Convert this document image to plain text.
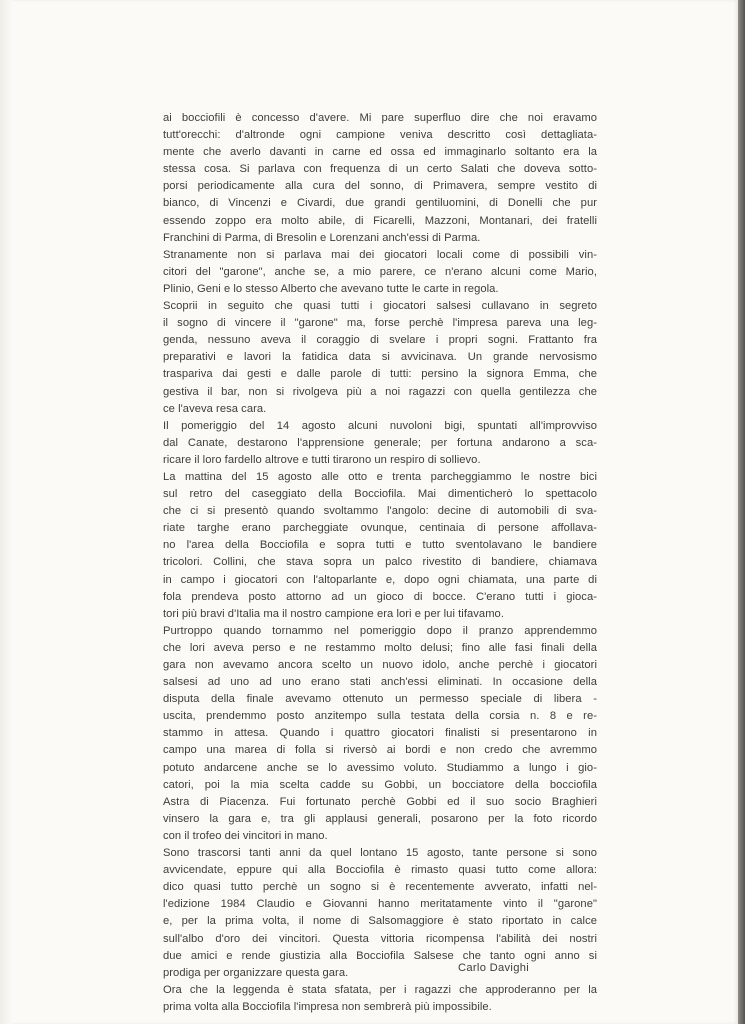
ai bocciofili è concesso d'avere. Mi pare superfluo dire che noi eravamo
tutt'orecchi: d'altronde ogni campione veniva descritto così dettagliata-
mente che averlo davanti in carne ed ossa ed immaginarlo soltanto era la
stessa cosa. Si parlava con frequenza di un certo Salati che doveva sotto-
porsi periodicamente alla cura del sonno, di Primavera, sempre vestito di
bianco, di Vincenzi e Civardi, due grandi gentiluomini, di Donelli che pur
essendo zoppo era molto abile, di Ficarelli, Mazzoni, Montanari, dei fratelli
Franchini di Parma, di Bresolin e Lorenzani anch'essi di Parma.
Stranamente non si parlava mai dei giocatori locali come di possibili vin-
citori del "garone", anche se, a mio parere, ce n'erano alcuni come Mario,
Plinio, Geni e lo stesso Alberto che avevano tutte le carte in regola.
Scoprii in seguito che quasi tutti i giocatori salsesi cullavano in segreto
il sogno di vincere il "garone" ma, forse perchè l'impresa pareva una leg-
genda, nessuno aveva il coraggio di svelare i propri sogni. Frattanto fra
preparativi e lavori la fatidica data si avvicinava. Un grande nervosismo
traspariva dai gesti e dalle parole di tutti: persino la signora Emma, che
gestiva il bar, non si rivolgeva più a noi ragazzi con quella gentilezza che
ce l'aveva resa cara.
Il pomeriggio del 14 agosto alcuni nuvoloni bigi, spuntati all'improvviso
dal Canate, destarono l'apprensione generale; per fortuna andarono a sca-
ricare il loro fardello altrove e tutti tirarono un respiro di sollievo.
La mattina del 15 agosto alle otto e trenta parcheggiammo le nostre bici
sul retro del caseggiato della Bocciofila. Mai dimenticherò lo spettacolo
che ci si presentò quando svoltammo l'angolo: decine di automobili di sva-
riate targhe erano parcheggiate ovunque, centinaia di persone affollava-
no l'area della Bocciofila e sopra tutti e tutto sventolavano le bandiere
tricolori. Collini, che stava sopra un palco rivestito di bandiere, chiamava
in campo i giocatori con l'altoparlante e, dopo ogni chiamata, una parte di
fola prendeva posto attorno ad un gioco di bocce. C'erano tutti i gioca-
tori più bravi d'Italia ma il nostro campione era lori e per lui tifavamo.
Purtroppo quando tornammo nel pomeriggio dopo il pranzo apprendemmo
che lori aveva perso e ne restammo molto delusi; fino alle fasi finali della
gara non avevamo ancora scelto un nuovo idolo, anche perchè i giocatori
salsesi ad uno ad uno erano stati anch'essi eliminati. In occasione della
disputa della finale avevamo ottenuto un permesso speciale di libera -
uscita, prendemmo posto anzitempo sulla testata della corsia n. 8 e re-
stammo in attesa. Quando i quattro giocatori finalisti si presentarono in
campo una marea di folla si riversò ai bordi e non credo che avremmo
potuto andarcene anche se lo avessimo voluto. Studiammo a lungo i gio-
catori, poi la mia scelta cadde su Gobbi, un bocciatore della bocciofila
Astra di Piacenza. Fui fortunato perchè Gobbi ed il suo socio Braghieri
vinsero la gara e, tra gli applausi generali, posarono per la foto ricordo
con il trofeo dei vincitori in mano.
Sono trascorsi tanti anni da quel lontano 15 agosto, tante persone si sono
avvicendate, eppure qui alla Bocciofila è rimasto quasi tutto come allora:
dico quasi tutto perchè un sogno si è recentemente avverato, infatti nel-
l'edizione 1984 Claudio e Giovanni hanno meritatamente vinto il "garone"
e, per la prima volta, il nome di Salsomaggiore è stato riportato in calce
sull'albo d'oro dei vincitori. Questa vittoria ricompensa l'abilità dei nostri
due amici e rende giustizia alla Bocciofila Salsese che tanto ogni anno si
prodiga per organizzare questa gara.
Ora che la leggenda è stata sfatata, per i ragazzi che approderanno per la
prima volta alla Bocciofila l'impresa non sembrerà più impossibile.
Carlo Davighi
